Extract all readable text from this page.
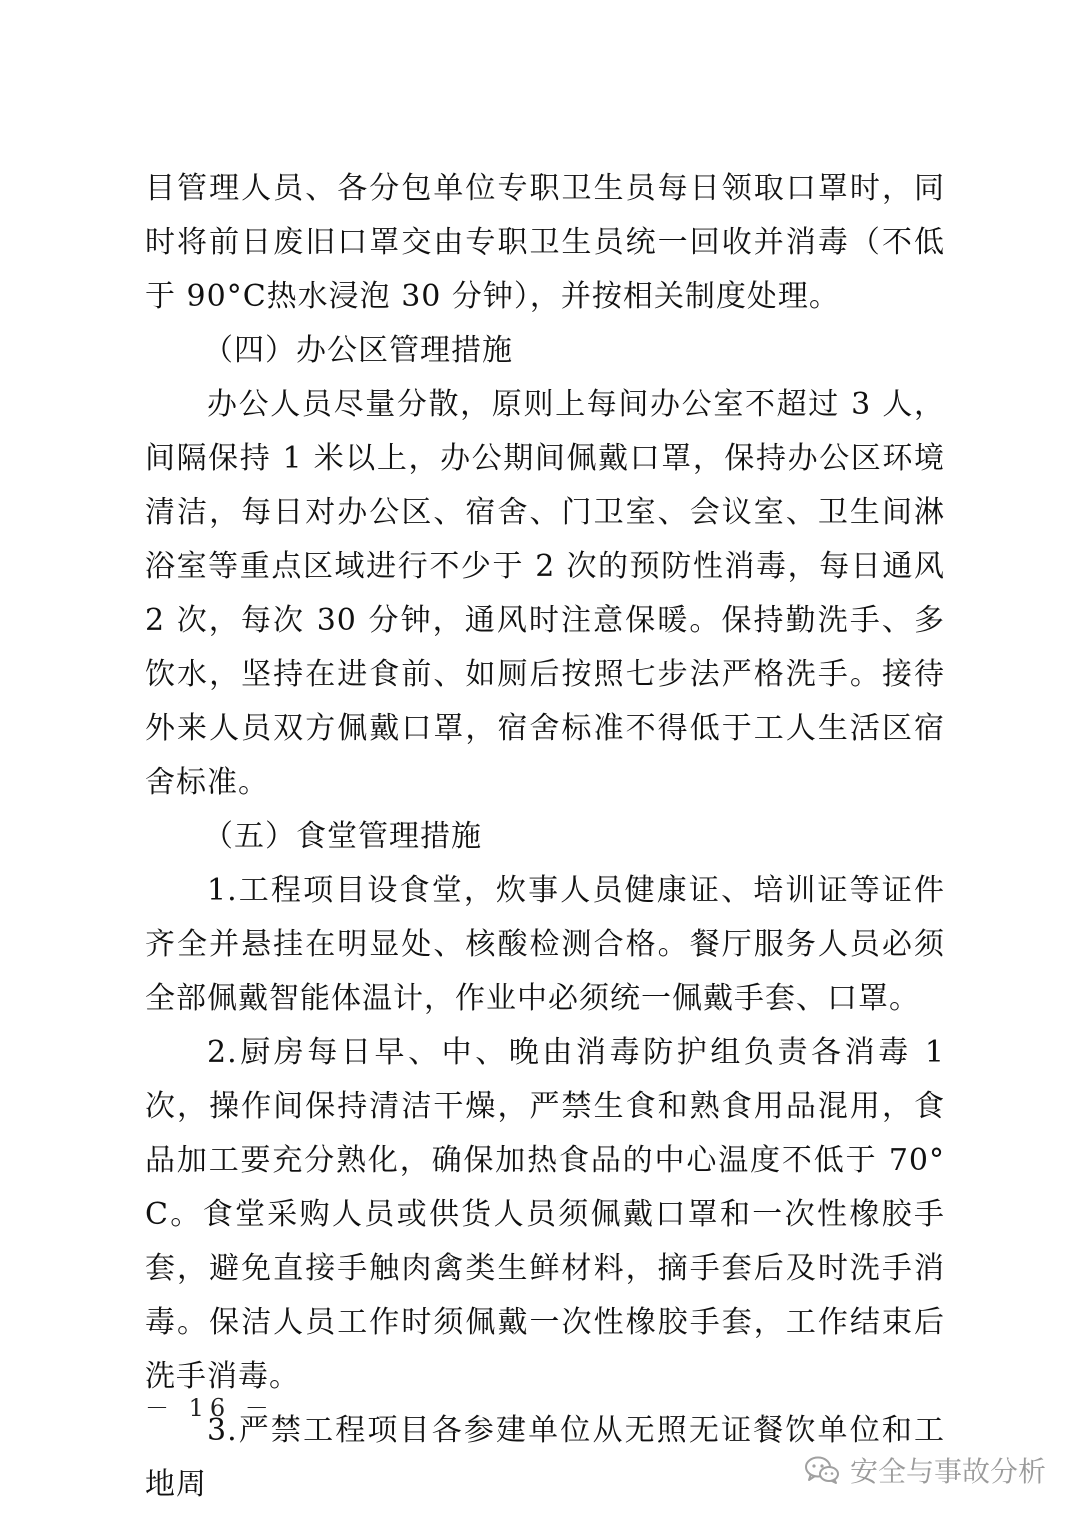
目管理人员、各分包单位专职卫生员每日领取口罩时，同时将前日废旧口罩交由专职卫生员统一回收并消毒（不低于 90°C热水浸泡 30 分钟），并按相关制度处理。

（四）办公区管理措施

办公人员尽量分散，原则上每间办公室不超过 3 人，间隔保持 1 米以上，办公期间佩戴口罩，保持办公区环境清洁，每日对办公区、宿舍、门卫室、会议室、卫生间淋浴室等重点区域进行不少于 2 次的预防性消毒，每日通风 2 次，每次 30 分钟，通风时注意保暖。保持勤洗手、多饮水，坚持在进食前、如厕后按照七步法严格洗手。接待外来人员双方佩戴口罩，宿舍标准不得低于工人生活区宿舍标准。

（五）食堂管理措施

1.工程项目设食堂，炊事人员健康证、培训证等证件齐全并悬挂在明显处、核酸检测合格。餐厅服务人员必须全部佩戴智能体温计，作业中必须统一佩戴手套、口罩。

2.厨房每日早、中、晚由消毒防护组负责各消毒 1 次，操作间保持清洁干燥，严禁生食和熟食用品混用，食品加工要充分熟化，确保加热食品的中心温度不低于 70°C。食堂采购人员或供货人员须佩戴口罩和一次性橡胶手套，避免直接手触肉禽类生鲜材料，摘手套后及时洗手消毒。保洁人员工作时须佩戴一次性橡胶手套，工作结束后洗手消毒。

3.严禁工程项目各参建单位从无照无证餐饮单位和工地周

－ 16 －
安全与事故分析
